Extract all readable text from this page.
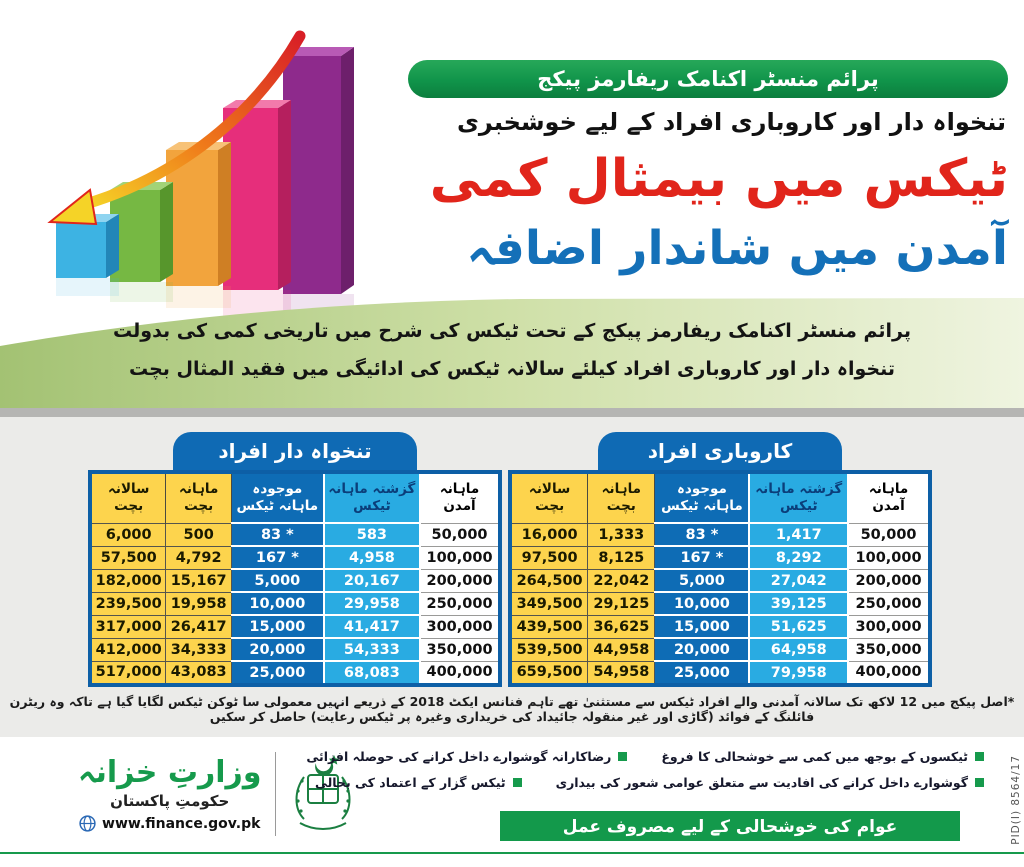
پرائم منسٹر اکنامک ریفارمز پیکج
تنخواہ دار اور کاروباری افراد کے لیے خوشخبری
ٹیکس میں بیمثال کمی
آمدن میں شاندار اضافہ
پرائم منسٹر اکنامک ریفارمز پیکج کے تحت ٹیکس کی شرح میں تاریخی کمی کی بدولت
تنخواہ دار اور کاروباری افراد کیلئے سالانہ ٹیکس کی ادائیگی میں فقید المثال بچت
تنخواہ دار افراد
ماہانہ آمدن	گزشتہ ماہانہ ٹیکس	موجودہ ماہانہ ٹیکس	ماہانہ بچت	سالانہ بچت
50,000	583	83 *	500	6,000
100,000	4,958	167 *	4,792	57,500
200,000	20,167	5,000	15,167	182,000
250,000	29,958	10,000	19,958	239,500
300,000	41,417	15,000	26,417	317,000
350,000	54,333	20,000	34,333	412,000
400,000	68,083	25,000	43,083	517,000
کاروباری افراد
ماہانہ آمدن	گزشتہ ماہانہ ٹیکس	موجودہ ماہانہ ٹیکس	ماہانہ بچت	سالانہ بچت
50,000	1,417	83 *	1,333	16,000
100,000	8,292	167 *	8,125	97,500
200,000	27,042	5,000	22,042	264,500
250,000	39,125	10,000	29,125	349,500
300,000	51,625	15,000	36,625	439,500
350,000	64,958	20,000	44,958	539,500
400,000	79,958	25,000	54,958	659,500
*اصل پیکج میں 12 لاکھ تک سالانہ آمدنی والے افراد ٹیکس سے مستثنیٰ تھے تاہم فنانس ایکٹ 2018 کے ذریعے انہیں معمولی سا ٹوکن ٹیکس لگایا گیا ہے تاکہ وہ ریٹرن فائلنگ کے فوائد (گاڑی اور غیر منقولہ جائیداد کی خریداری وغیرہ پر ٹیکس رعایت) حاصل کر سکیں
وزارتِ خزانہ
حکومتِ پاکستان
www.finance.gov.pk
ٹیکسوں کے بوجھ میں کمی سے خوشحالی کا فروغ
رضاکارانہ گوشوارے داخل کرانے کی حوصلہ افزائی
گوشوارے داخل کرانے کی افادیت سے متعلق عوامی شعور کی بیداری
ٹیکس گزار کے اعتماد کی بحالی
عوام کی خوشحالی کے لیے مصروف عمل	PID(I) 8564/17
